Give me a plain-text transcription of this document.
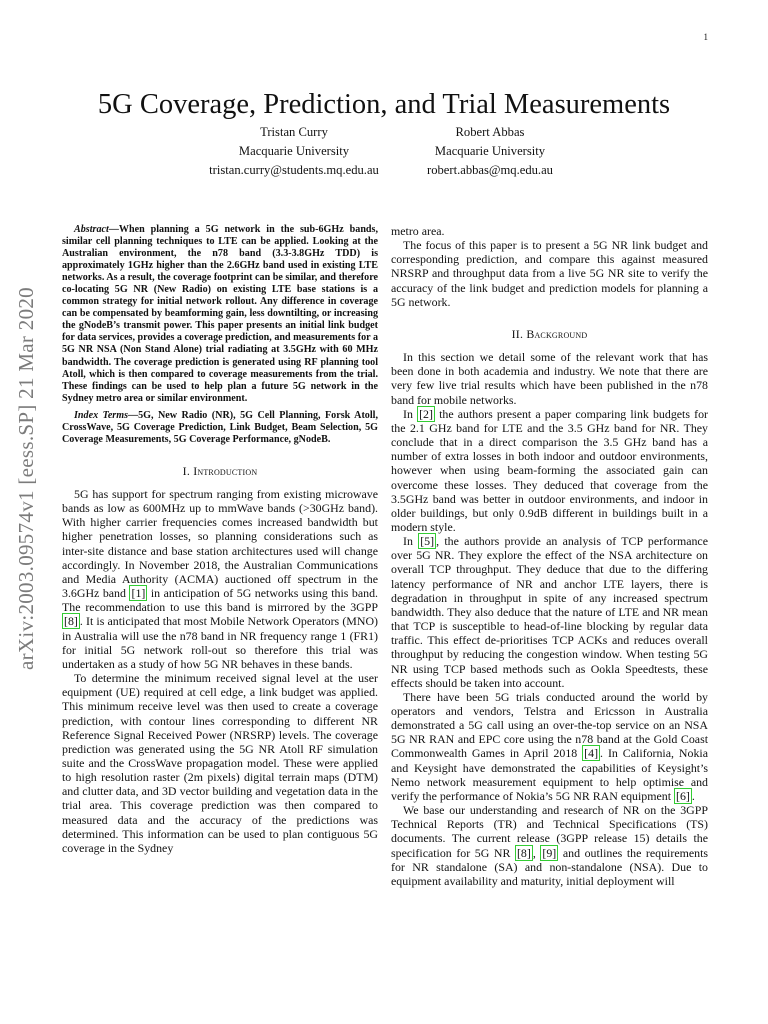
1
arXiv:2003.09574v1 [eess.SP] 21 Mar 2020
5G Coverage, Prediction, and Trial Measurements
Tristan Curry
Macquarie University
tristan.curry@students.mq.edu.au
Robert Abbas
Macquarie University
robert.abbas@mq.edu.au

Abstract—When planning a 5G network in the sub-6GHz bands, similar cell planning techniques to LTE can be applied. Looking at the Australian environment, the n78 band (3.3-3.8GHz TDD) is approximately 1GHz higher than the 2.6GHz band used in existing LTE networks. As a result, the coverage footprint can be similar, and therefore co-locating 5G NR (New Radio) on existing LTE base stations is a common strategy for initial network rollout. Any difference in coverage can be compensated by beamforming gain, less downtilting, or increasing the gNodeB’s transmit power. This paper presents an initial link budget for data services, provides a coverage prediction, and measurements for a 5G NR NSA (Non Stand Alone) trial radiating at 3.5GHz with 60 MHz bandwidth. The coverage prediction is generated using RF planning tool Atoll, which is then compared to coverage measurements from the trial. These findings can be used to help plan a future 5G network in the Sydney metro area or similar environment.

Index Terms—5G, New Radio (NR), 5G Cell Planning, Forsk Atoll, CrossWave, 5G Coverage Prediction, Link Budget, Beam Selection, 5G Coverage Measurements, 5G Coverage Performance, gNodeB.

I. Introduction

5G has support for spectrum ranging from existing microwave bands as low as 600MHz up to mmWave bands (>30GHz band). With higher carrier frequencies comes increased bandwidth but higher penetration losses, so planning considerations such as inter-site distance and base station architectures used will change accordingly. In November 2018, the Australian Communications and Media Authority (ACMA) auctioned off spectrum in the 3.6GHz band [1] in anticipation of 5G networks using this band. The recommendation to use this band is mirrored by the 3GPP [8] . It is anticipated that most Mobile Network Operators (MNO) in Australia will use the n78 band in NR frequency range 1 (FR1) for initial 5G network roll-out so therefore this trial was undertaken as a study of how 5G NR behaves in these bands.

To determine the minimum received signal level at the user equipment (UE) required at cell edge, a link budget was applied. This minimum receive level was then used to create a coverage prediction, with contour lines corresponding to different NR Reference Signal Received Power (NRSRP) levels. The coverage prediction was generated using the 5G NR Atoll RF simulation suite and the CrossWave propagation model. These were applied to high resolution raster (2m pixels) digital terrain maps (DTM) and clutter data, and 3D vector building and vegetation data in the trial area. This coverage prediction was then compared to measured data and the accuracy of the predictions was determined. This information can be used to plan contiguous 5G coverage in the Sydney

metro area.

The focus of this paper is to present a 5G NR link budget and corresponding prediction, and compare this against measured NRSRP and throughput data from a live 5G NR site to verify the accuracy of the link budget and prediction models for planning a 5G network.

II. Background

In this section we detail some of the relevant work that has been done in both academia and industry. We note that there are very few live trial results which have been published in the n78 band for mobile networks.

In [2] the authors present a paper comparing link budgets for the 2.1 GHz band for LTE and the 3.5 GHz band for NR. They conclude that in a direct comparison the 3.5 GHz band has a number of extra losses in both indoor and outdoor environments, however when using beam-forming the associated gain can overcome these losses. They deduced that coverage from the 3.5GHz band was better in outdoor environments, and indoor in older buildings, but only 0.9dB different in buildings built in a modern style.

In [5] , the authors provide an analysis of TCP performance over 5G NR. They explore the effect of the NSA architecture on overall TCP throughput. They deduce that due to the differing latency performance of NR and anchor LTE layers, there is degradation in throughput in spite of any increased spectrum bandwidth. They also deduce that the nature of LTE and NR mean that TCP is susceptible to head-of-line blocking by regular data traffic. This effect de-prioritises TCP ACKs and reduces overall throughput by reducing the congestion window. When testing 5G NR using TCP based methods such as Ookla Speedtests, these effects should be taken into account.

There have been 5G trials conducted around the world by operators and vendors, Telstra and Ericsson in Australia demonstrated a 5G call using an over-the-top service on an NSA 5G NR RAN and EPC core using the n78 band at the Gold Coast Commonwealth Games in April 2018 [4] . In California, Nokia and Keysight have demonstrated the capabilities of Keysight’s Nemo network measurement equipment to help optimise and verify the performance of Nokia’s 5G NR RAN equipment [6] .

We base our understanding and research of NR on the 3GPP Technical Reports (TR) and Technical Specifications (TS) documents. The current release (3GPP release 15) details the specification for 5G NR [8] , [9] and outlines the requirements for NR standalone (SA) and non-standalone (NSA). Due to equipment availability and maturity, initial deployment will
